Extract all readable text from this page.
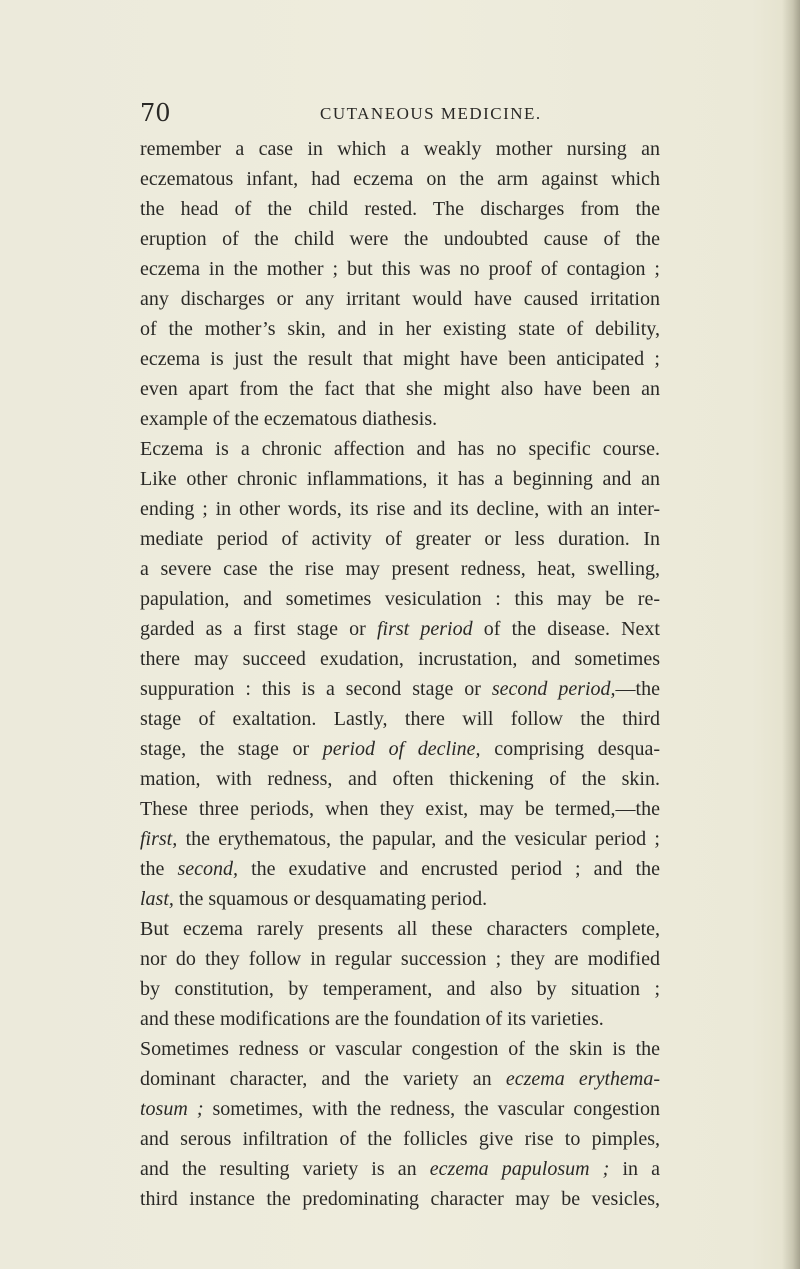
70	CUTANEOUS MEDICINE.
remember a case in which a weakly mother nursing an
eczematous infant, had eczema on the arm against which
the head of the child rested. The discharges from the
eruption of the child were the undoubted cause of the
eczema in the mother ; but this was no proof of contagion ;
any discharges or any irritant would have caused irritation
of the mother’s skin, and in her existing state of debility,
eczema is just the result that might have been anticipated ;
even apart from the fact that she might also have been an
example of the eczematous diathesis.
Eczema is a chronic affection and has no specific course.
Like other chronic inflammations, it has a beginning and an
ending ; in other words, its rise and its decline, with an inter-
mediate period of activity of greater or less duration. In
a severe case the rise may present redness, heat, swelling,
papulation, and sometimes vesiculation : this may be re-
garded as a first stage or first period of the disease. Next
there may succeed exudation, incrustation, and sometimes
suppuration : this is a second stage or second period,—the
stage of exaltation. Lastly, there will follow the third
stage, the stage or period of decline, comprising desqua-
mation, with redness, and often thickening of the skin.
These three periods, when they exist, may be termed,—the
first, the erythematous, the papular, and the vesicular period ;
the second, the exudative and encrusted period ; and the
last, the squamous or desquamating period.
But eczema rarely presents all these characters complete,
nor do they follow in regular succession ; they are modified
by constitution, by temperament, and also by situation ;
and these modifications are the foundation of its varieties.
Sometimes redness or vascular congestion of the skin is the
dominant character, and the variety an eczema erythema-
tosum ; sometimes, with the redness, the vascular congestion
and serous infiltration of the follicles give rise to pimples,
and the resulting variety is an eczema papulosum ; in a
third instance the predominating character may be vesicles,
